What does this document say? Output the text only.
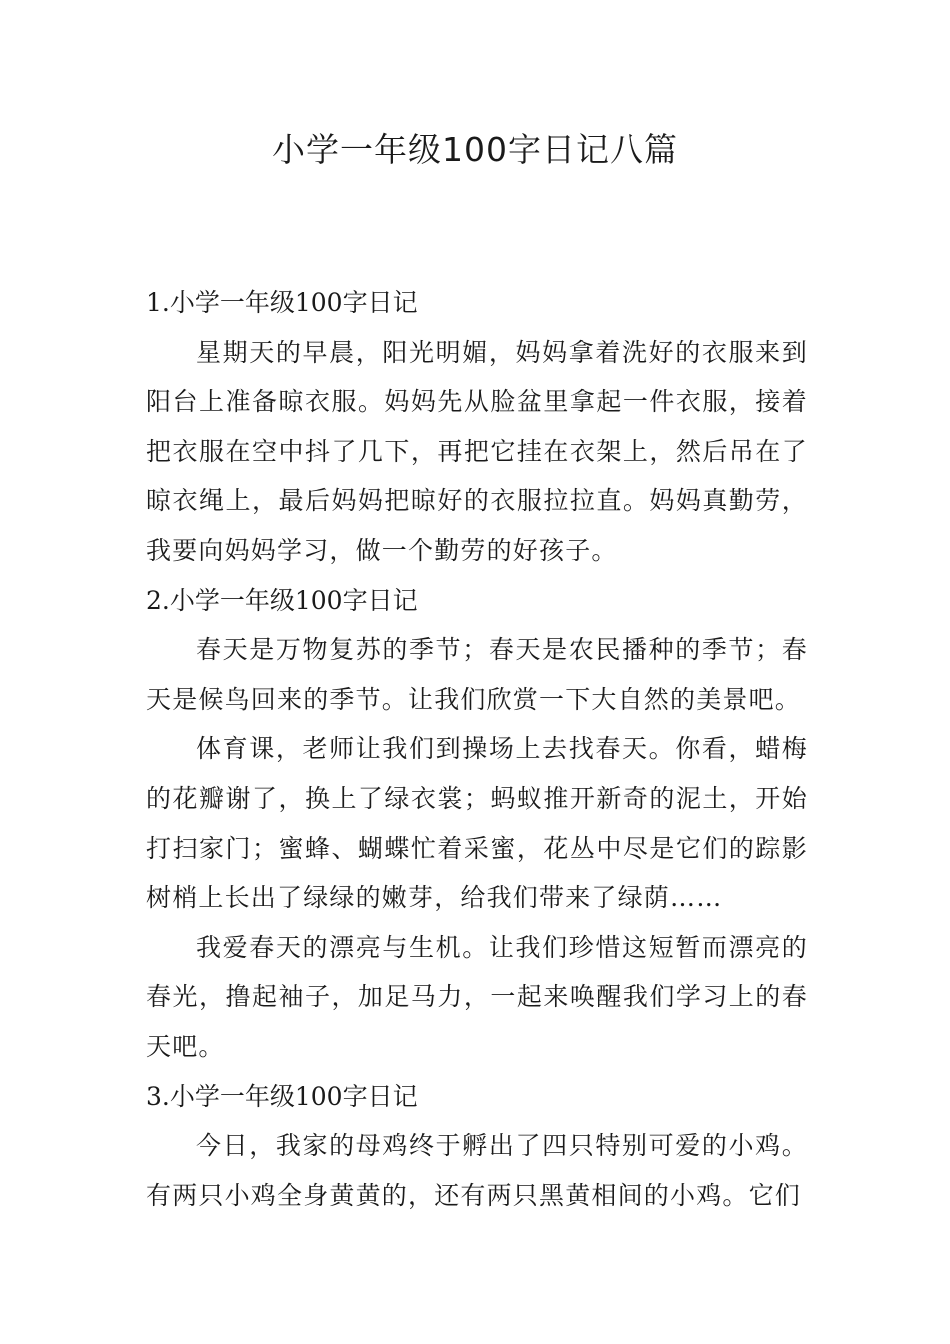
小学一年级100字日记八篇
1.小学一年级100字日记

星期天的早晨，阳光明媚，妈妈拿着洗好的衣服来到阳台上准备晾衣服。妈妈先从脸盆里拿起一件衣服，接着把衣服在空中抖了几下，再把它挂在衣架上，然后吊在了晾衣绳上，最后妈妈把晾好的衣服拉拉直。妈妈真勤劳，我要向妈妈学习，做一个勤劳的好孩子。

2.小学一年级100字日记

春天是万物复苏的季节；春天是农民播种的季节；春天是候鸟回来的季节。让我们欣赏一下大自然的美景吧。

体育课，老师让我们到操场上去找春天。你看，蜡梅的花瓣谢了，换上了绿衣裳；蚂蚁推开新奇的泥土，开始打扫家门；蜜蜂、蝴蝶忙着采蜜，花丛中尽是它们的踪影树梢上长出了绿绿的嫩芽，给我们带来了绿荫……

我爱春天的漂亮与生机。让我们珍惜这短暂而漂亮的春光，撸起袖子，加足马力，一起来唤醒我们学习上的春天吧。

3.小学一年级100字日记

今日，我家的母鸡终于孵出了四只特别可爱的小鸡。有两只小鸡全身黄黄的，还有两只黑黄相间的小鸡。它们
